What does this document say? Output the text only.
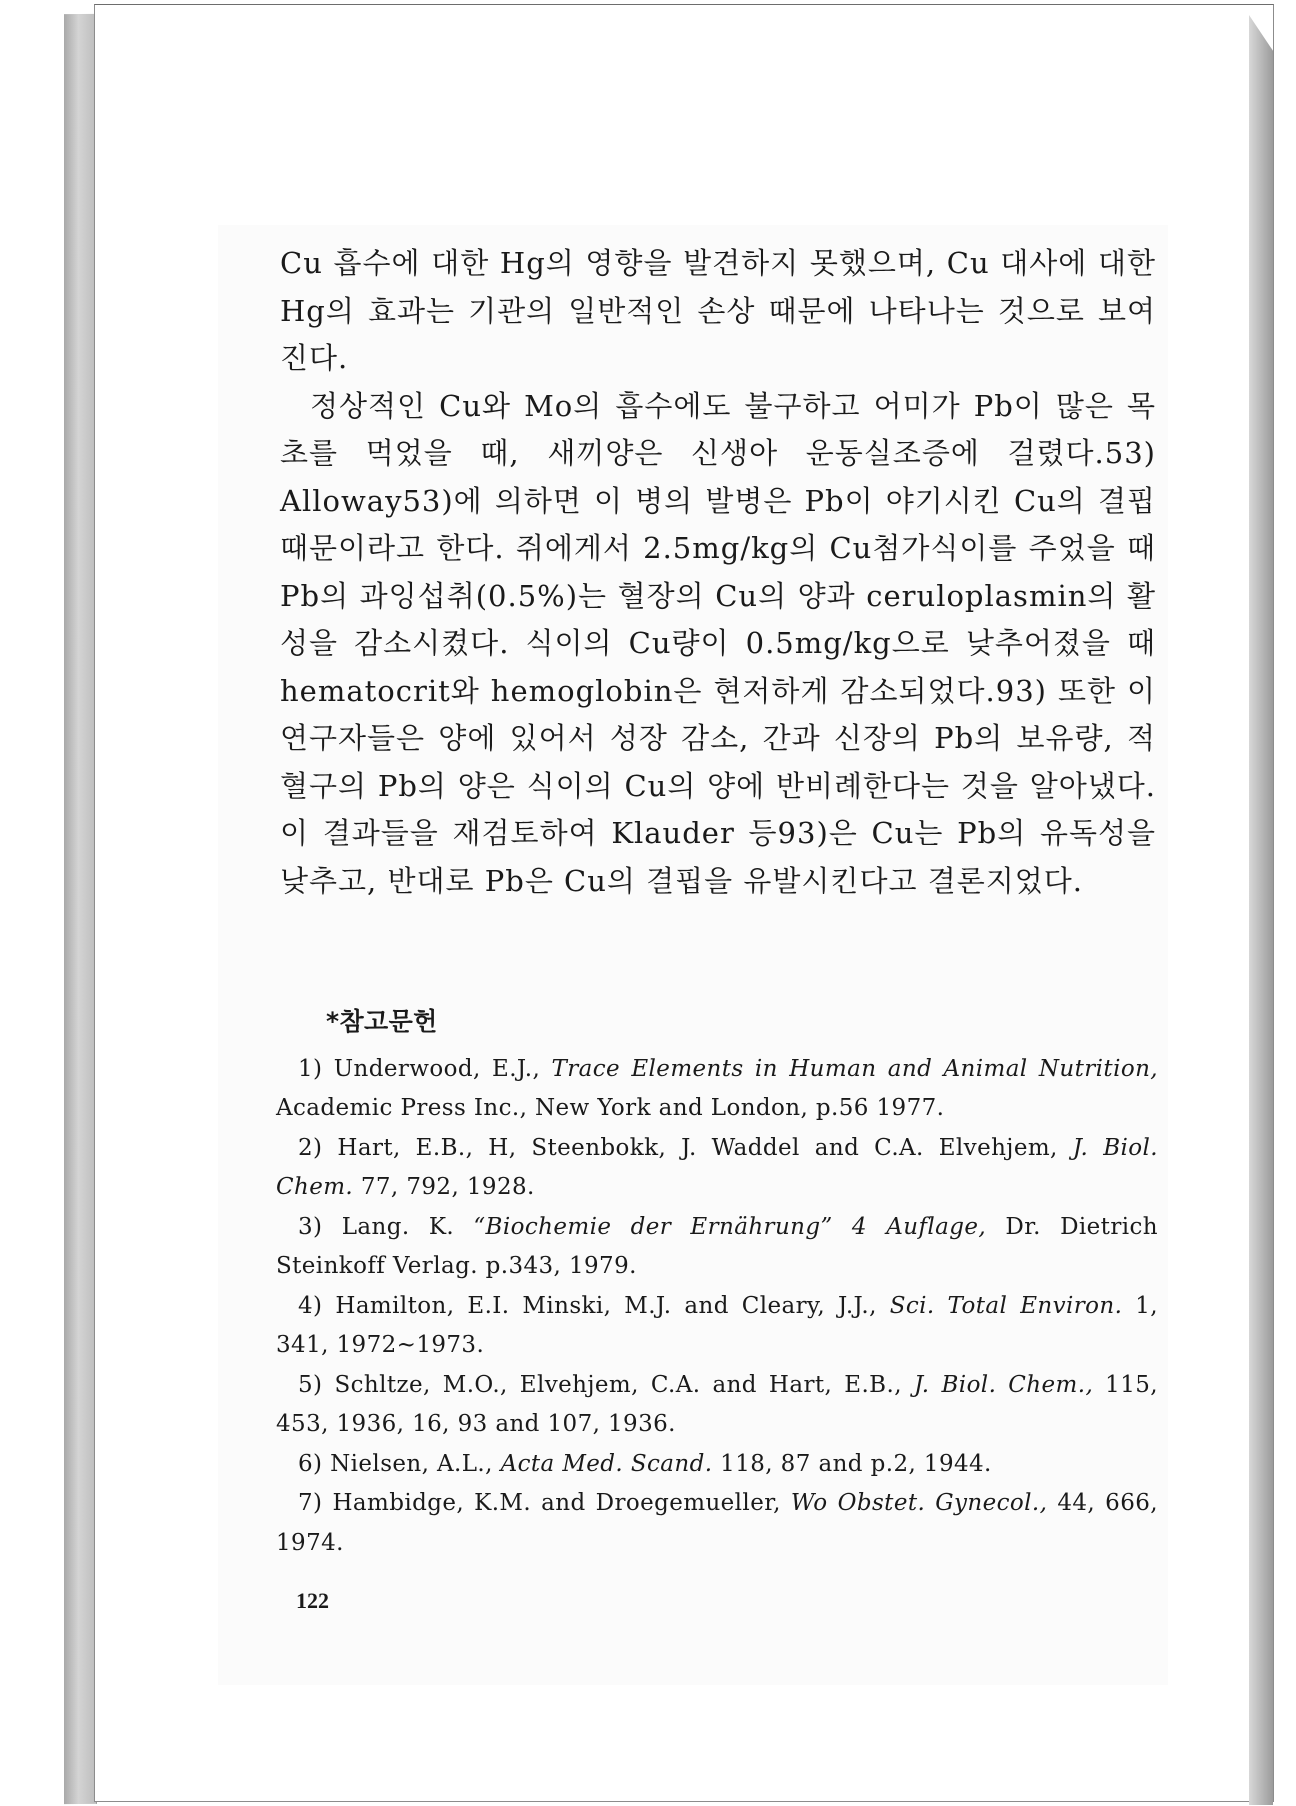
Cu 흡수에 대한 Hg의 영향을 발견하지 못했으며, Cu 대사에 대한 Hg의 효과는 기관의 일반적인 손상 때문에 나타나는 것으로 보여진다.

정상적인 Cu와 Mo의 흡수에도 불구하고 어미가 Pb이 많은 목초를 먹었을 때, 새끼양은 신생아 운동실조증에 걸렸다.53) Alloway53)에 의하면 이 병의 발병은 Pb이 야기시킨 Cu의 결핍 때문이라고 한다. 쥐에게서 2.5mg/kg의 Cu첨가식이를 주었을 때 Pb의 과잉섭취(0.5%)는 혈장의 Cu의 양과 ceruloplasmin의 활성을 감소시켰다. 식이의 Cu량이 0.5mg/kg으로 낮추어졌을 때 hematocrit와 hemoglobin은 현저하게 감소되었다.93) 또한 이 연구자들은 양에 있어서 성장 감소, 간과 신장의 Pb의 보유량, 적혈구의 Pb의 양은 식이의 Cu의 양에 반비례한다는 것을 알아냈다. 이 결과들을 재검토하여 Klauder 등93)은 Cu는 Pb의 유독성을 낮추고, 반대로 Pb은 Cu의 결핍을 유발시킨다고 결론지었다.

*참고문헌

1) Underwood, E.J., Trace Elements in Human and Animal Nutrition, Academic Press Inc., New York and London, p.56 1977.

2) Hart, E.B., H, Steenbokk, J. Waddel and C.A. Elvehjem, J. Biol. Chem. 77, 792, 1928.

3) Lang. K. “Biochemie der Ernährung” 4 Auflage, Dr. Dietrich Steinkoff Verlag. p.343, 1979.

4) Hamilton, E.I. Minski, M.J. and Cleary, J.J., Sci. Total Environ. 1, 341, 1972~1973.

5) Schltze, M.O., Elvehjem, C.A. and Hart, E.B., J. Biol. Chem., 115, 453, 1936, 16, 93 and 107, 1936.

6) Nielsen, A.L., Acta Med. Scand. 118, 87 and p.2, 1944.

7) Hambidge, K.M. and Droegemueller, Wo Obstet. Gynecol., 44, 666, 1974.

122
